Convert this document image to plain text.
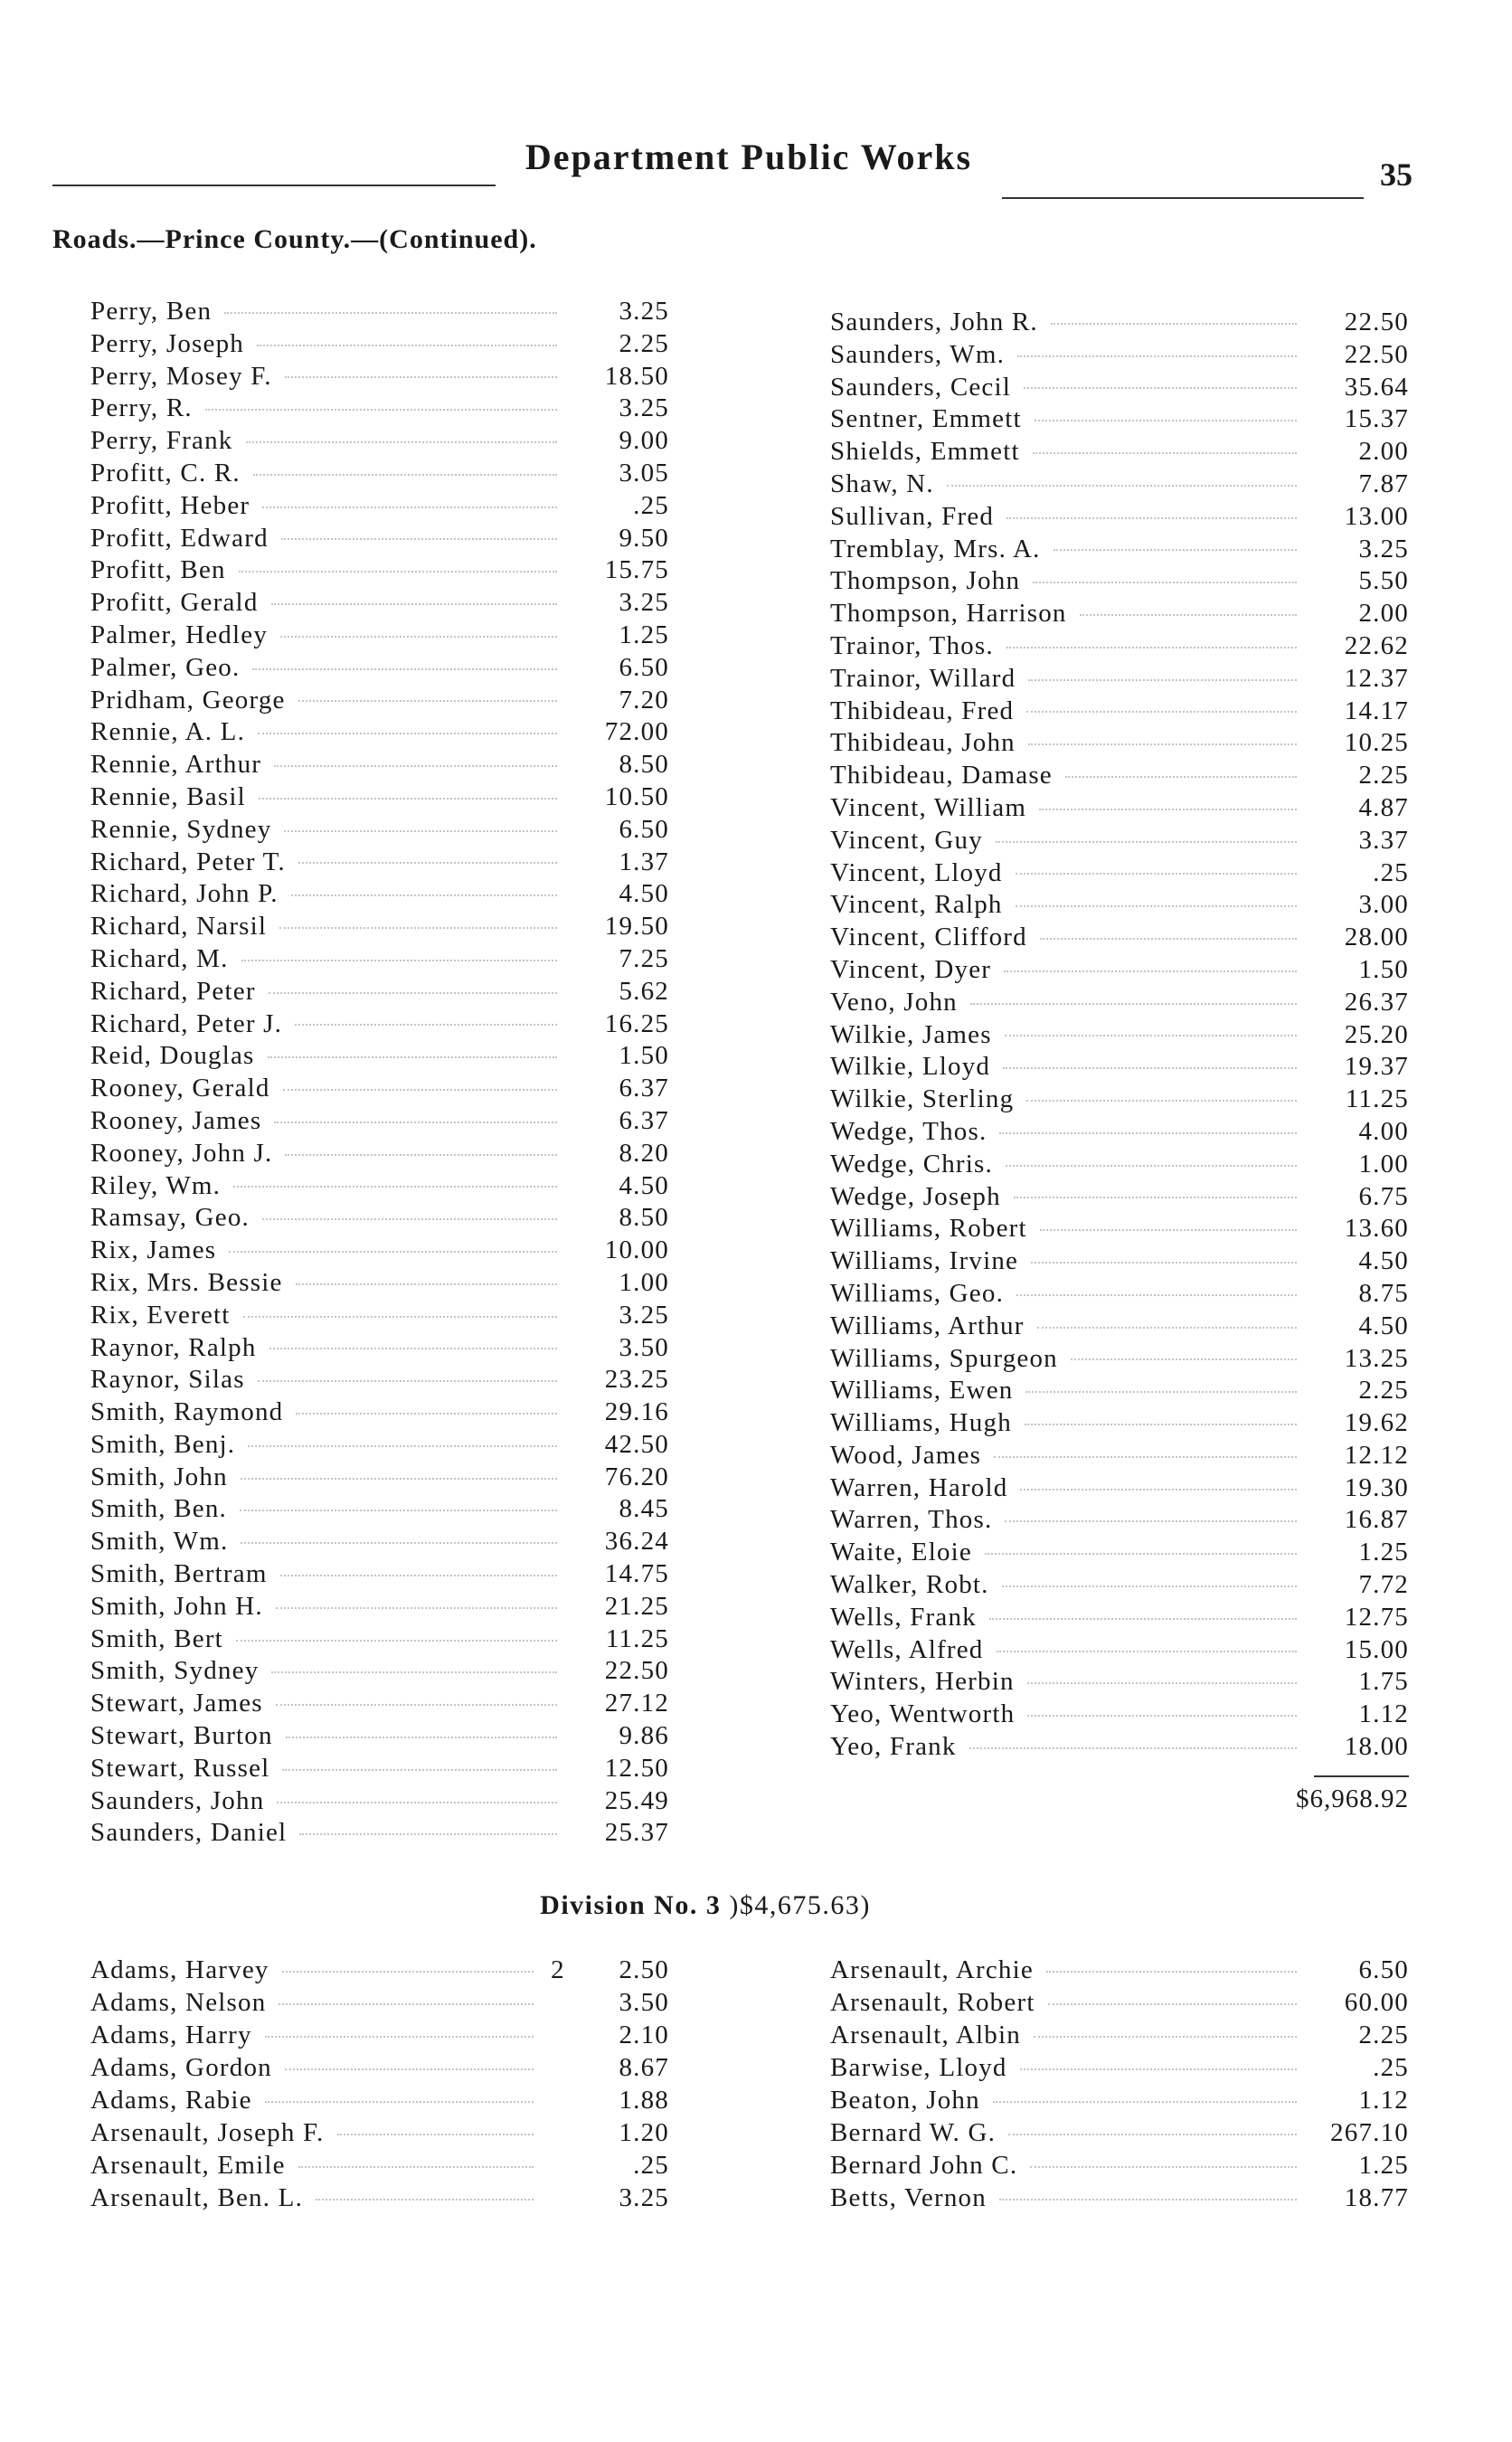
Department Public Works	35
Roads.—Prince County.—(Continued).
Perry, Ben	3.25
Perry, Joseph	2.25
Perry, Mosey F.	18.50
Perry, R.	3.25
Perry, Frank	9.00
Profitt, C. R.	3.05
Profitt, Heber	.25
Profitt, Edward	9.50
Profitt, Ben	15.75
Profitt, Gerald	3.25
Palmer, Hedley	1.25
Palmer, Geo.	6.50
Pridham, George	7.20
Rennie, A. L.	72.00
Rennie, Arthur	8.50
Rennie, Basil	10.50
Rennie, Sydney	6.50
Richard, Peter T.	1.37
Richard, John P.	4.50
Richard, Narsil	19.50
Richard, M.	7.25
Richard, Peter	5.62
Richard, Peter J.	16.25
Reid, Douglas	1.50
Rooney, Gerald	6.37
Rooney, James	6.37
Rooney, John J.	8.20
Riley, Wm.	4.50
Ramsay, Geo.	8.50
Rix, James	10.00
Rix, Mrs. Bessie	1.00
Rix, Everett	3.25
Raynor, Ralph	3.50
Raynor, Silas	23.25
Smith, Raymond	29.16
Smith, Benj.	42.50
Smith, John	76.20
Smith, Ben.	8.45
Smith, Wm.	36.24
Smith, Bertram	14.75
Smith, John H.	21.25
Smith, Bert	11.25
Smith, Sydney	22.50
Stewart, James	27.12
Stewart, Burton	9.86
Stewart, Russel	12.50
Saunders, John	25.49
Saunders, Daniel	25.37
Saunders, John R.	22.50
Saunders, Wm.	22.50
Saunders, Cecil	35.64
Sentner, Emmett	15.37
Shields, Emmett	2.00
Shaw, N.	7.87
Sullivan, Fred	13.00
Tremblay, Mrs. A.	3.25
Thompson, John	5.50
Thompson, Harrison	2.00
Trainor, Thos.	22.62
Trainor, Willard	12.37
Thibideau, Fred	14.17
Thibideau, John	10.25
Thibideau, Damase	2.25
Vincent, William	4.87
Vincent, Guy	3.37
Vincent, Lloyd	.25
Vincent, Ralph	3.00
Vincent, Clifford	28.00
Vincent, Dyer	1.50
Veno, John	26.37
Wilkie, James	25.20
Wilkie, Lloyd	19.37
Wilkie, Sterling	11.25
Wedge, Thos.	4.00
Wedge, Chris.	1.00
Wedge, Joseph	6.75
Williams, Robert	13.60
Williams, Irvine	4.50
Williams, Geo.	8.75
Williams, Arthur	4.50
Williams, Spurgeon	13.25
Williams, Ewen	2.25
Williams, Hugh	19.62
Wood, James	12.12
Warren, Harold	19.30
Warren, Thos.	16.87
Waite, Eloie	1.25
Walker, Robt.	7.72
Wells, Frank	12.75
Wells, Alfred	15.00
Winters, Herbin	1.75
Yeo, Wentworth	1.12
Yeo, Frank	18.00
$6,968.92
Division No. 3 )$4,675.63)
Adams, Harvey	2	2.50
Adams, Nelson	3.50
Adams, Harry	2.10
Adams, Gordon	8.67
Adams, Rabie	1.88
Arsenault, Joseph F.	1.20
Arsenault, Emile	.25
Arsenault, Ben. L.	3.25
Arsenault, Archie	6.50
Arsenault, Robert	60.00
Arsenault, Albin	2.25
Barwise, Lloyd	.25
Beaton, John	1.12
Bernard W. G.	267.10
Bernard John C.	1.25
Betts, Vernon	18.77
